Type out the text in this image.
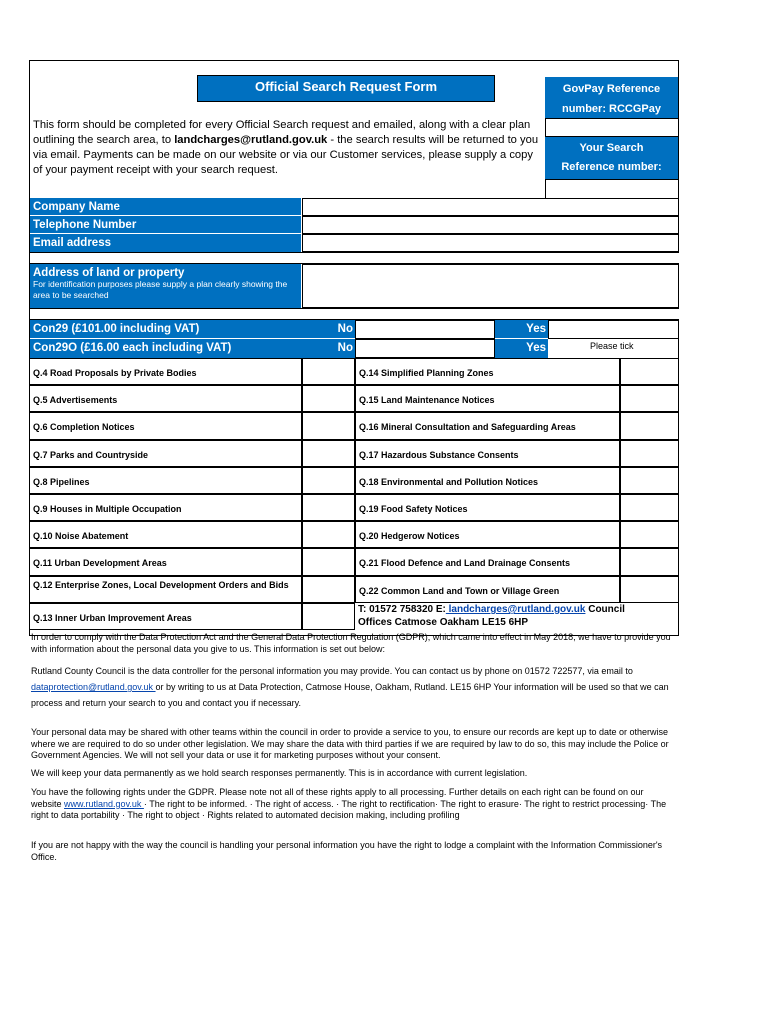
Official Search Request Form	GovPay Reference
number: RCCGPay
Your Search
Reference number:
This form should be completed for every Official Search request and emailed, along with a clear plan outlining the search area, to landcharges@rutland.gov.uk - the search results will be returned to you via email. Payments can be made on our website or via our Customer services, please supply a copy of your payment receipt with your search request.
Company Name
Telephone Number
Email address
Address of land or property
For identification purposes please supply a plan clearly showing the area to be searched
Con29 (£101.00 including VAT)	No	Yes
Con29O (£16.00 each including VAT)	No	Yes	Please tick
Q.4 Road Proposals by Private Bodies
Q.5 Advertisements
Q.6 Completion Notices
Q.7 Parks and Countryside
Q.8 Pipelines
Q.9 Houses in Multiple Occupation
Q.10 Noise Abatement
Q.11 Urban Development Areas
Q.12 Enterprise Zones, Local Development Orders and Bids
Q.13 Inner Urban Improvement Areas
Q.14 Simplified Planning Zones
Q.15 Land Maintenance Notices
Q.16 Mineral Consultation and Safeguarding Areas
Q.17 Hazardous Substance Consents
Q.18 Environmental and Pollution Notices
Q.19 Food Safety Notices
Q.20 Hedgerow Notices
Q.21 Flood Defence and Land Drainage Consents
Q.22 Common Land and Town or Village Green
T: 01572 758320 E: landcharges@rutland.gov.uk Council Offices Catmose Oakham LE15 6HP
In order to comply with the Data Protection Act and the General Data Protection Regulation (GDPR), which came into effect in May 2018, we have to provide you with information about the personal data you give to us. This information is set out below:
Rutland County Council is the data controller for the personal information you may provide. You can contact us by phone on 01572 722577, via email to
dataprotection@rutland.gov.uk or by writing to us at Data Protection, Catmose House, Oakham, Rutland. LE15 6HP Your information will be used so that we can process and return your search to you and contact you if necessary.
Your personal data may be shared with other teams within the council in order to provide a service to you, to ensure our records are kept up to date or otherwise where we are required to do so under other legislation. We may share the data with third parties if we are required by law to do so, this may include the Police or Government Agencies. We will not sell your data or use it for marketing purposes without your consent.
We will keep your data permanently as we hold search responses permanently. This is in accordance with current legislation.
You have the following rights under the GDPR. Please note not all of these rights apply to all processing. Further details on each right can be found on our website www.rutland.gov.uk · The right to be informed. · The right of access. · The right to rectification· The right to erasure· The right to restrict processing· The right to data portability · The right to object · Rights related to automated decision making, including profiling
If you are not happy with the way the council is handling your personal information you have the right to lodge a complaint with the Information Commissioner's Office.
